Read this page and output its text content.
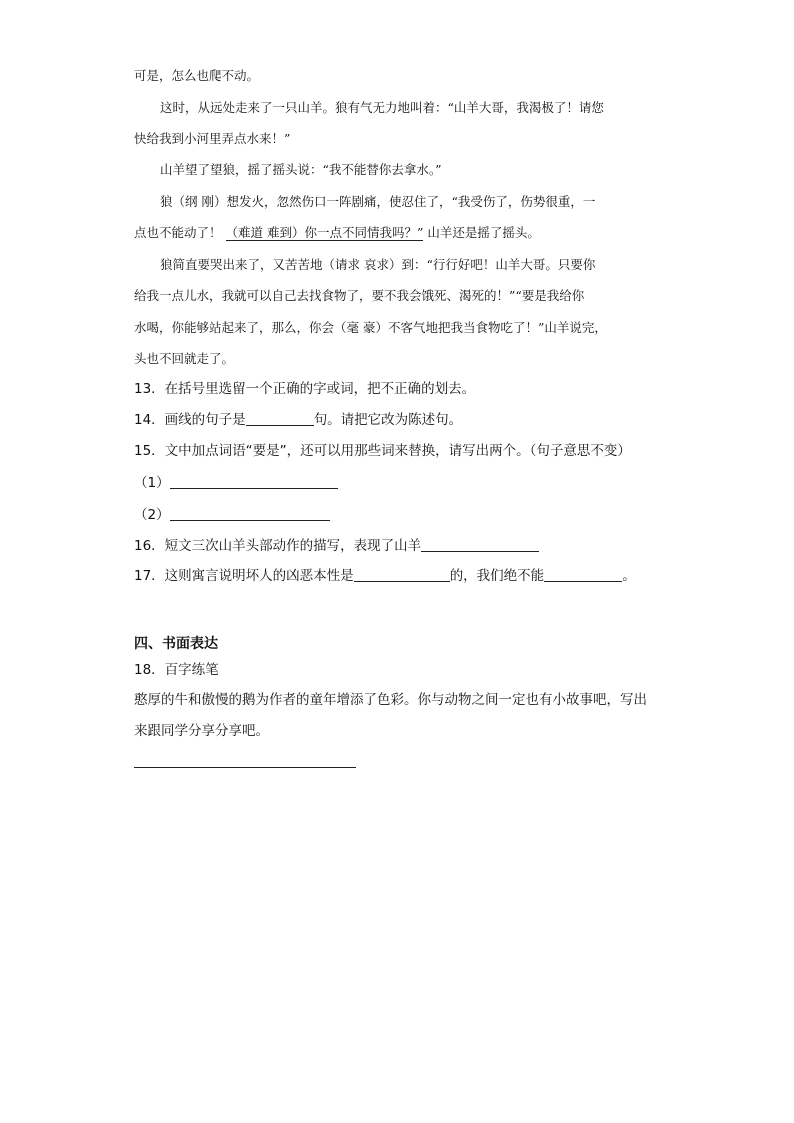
可是，怎么也爬不动。
这时，从远处走来了一只山羊。狼有气无力地叫着：“山羊大哥，我渴极了！请您
快给我到小河里弄点水来！”
山羊望了望狼，摇了摇头说：“我不能替你去拿水。”
狼（纲 刚）想发火，忽然伤口一阵剧痛，使忍住了，“我受伤了，伤势很重，一
点也不能动了！ （难道 难到）你一点不同情我吗？” 山羊还是摇了摇头。
狼简直要哭出来了，又苦苦地（请求 哀求）到：“行行好吧！山羊大哥。只要你
给我一点儿水，我就可以自己去找食物了，要不我会饿死、渴死的！”“要是我给你
水喝，你能够站起来了，那么，你会（毫 豪）不客气地把我当食物吃了！”山羊说完，
头也不回就走了。
13．在括号里选留一个正确的字或词，把不正确的划去。
14．画线的句子是	句。请把它改为陈述句。
15．文中加点词语“要是”，还可以用那些词来替换，请写出两个。（句子意思不变）
（1）
（2）
16．短文三次山羊头部动作的描写，表现了山羊
17．这则寓言说明坏人的凶恶本性是	的，我们绝不能	。
四、书面表达
18．百字练笔
憨厚的牛和傲慢的鹅为作者的童年增添了色彩。你与动物之间一定也有小故事吧，写出
来跟同学分享分享吧。
